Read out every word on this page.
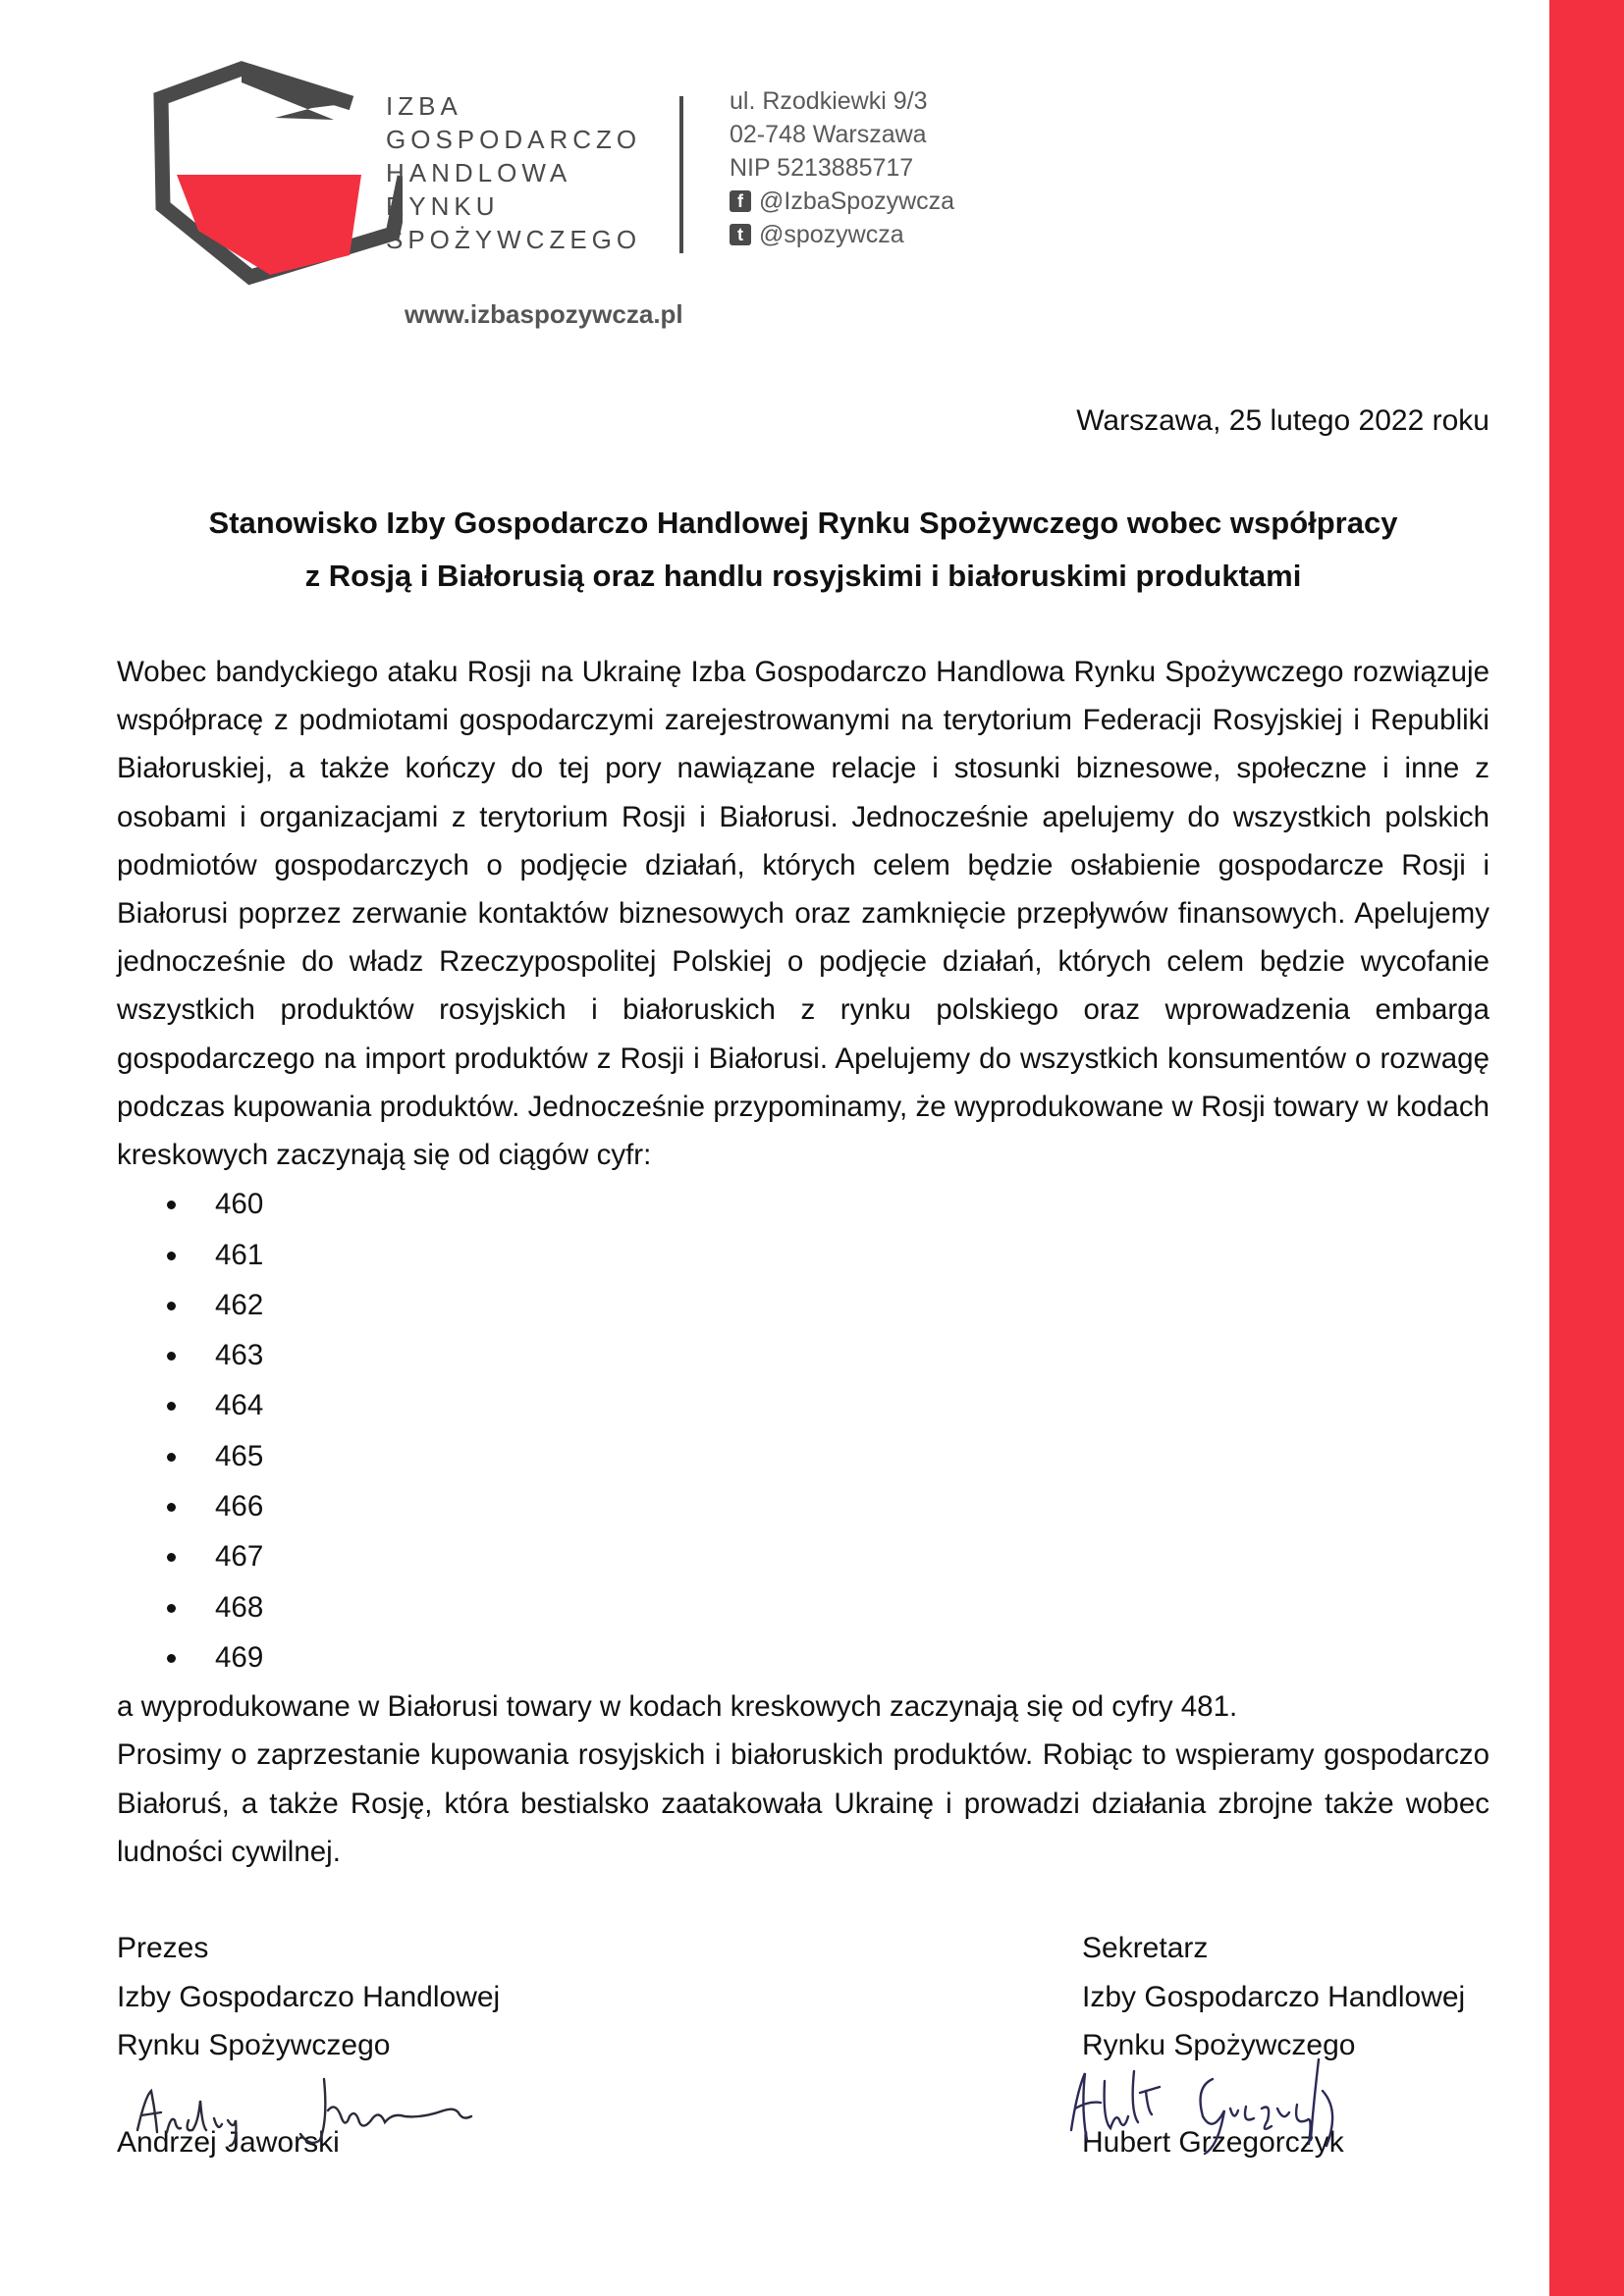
IZBA
GOSPODARCZO
HANDLOWA
RYNKU
SPOŻYWCZEGO
ul. Rzodkiewki 9/3
02-748 Warszawa
NIP 5213885717
f @IzbaSpozywcza
t @spozywcza
www.izbaspozywcza.pl
Warszawa, 25 lutego 2022 roku
Stanowisko Izby Gospodarczo Handlowej Rynku Spożywczego wobec współpracy
z Rosją i Białorusią oraz handlu rosyjskimi i białoruskimi produktami

Wobec bandyckiego ataku Rosji na Ukrainę Izba Gospodarczo Handlowa Rynku Spożywczego rozwiązuje współpracę z podmiotami gospodarczymi zarejestrowanymi na terytorium Federacji Rosyjskiej i Republiki Białoruskiej, a także kończy do tej pory nawiązane relacje i stosunki biznesowe, społeczne i inne z osobami i organizacjami z terytorium Rosji i Białorusi. Jednocześnie apelujemy do wszystkich polskich podmiotów gospodarczych o podjęcie działań, których celem będzie osłabienie gospodarcze Rosji i Białorusi poprzez zerwanie kontaktów biznesowych oraz zamknięcie przepływów finansowych. Apelujemy jednocześnie do władz Rzeczypospolitej Polskiej o podjęcie działań, których celem będzie wycofanie wszystkich produktów rosyjskich i białoruskich z rynku polskiego oraz wprowadzenia embarga gospodarczego na import produktów z Rosji i Białorusi. Apelujemy do wszystkich konsumentów o rozwagę podczas kupowania produktów. Jednocześnie przypominamy, że wyprodukowane w Rosji towary w kodach kreskowych zaczynają się od ciągów cyfr:

460
461
462
463
464
465
466
467
468
469

a wyprodukowane w Białorusi towary w kodach kreskowych zaczynają się od cyfry 481.

Prosimy o zaprzestanie kupowania rosyjskich i białoruskich produktów. Robiąc to wspieramy gospodarczo Białoruś, a także Rosję, która bestialsko zaatakowała Ukrainę i prowadzi działania zbrojne także wobec ludności cywilnej.

Prezes
Izby Gospodarczo Handlowej
Rynku Spożywczego
Andrzej Jaworski
Sekretarz
Izby Gospodarczo Handlowej
Rynku Spożywczego
Hubert Grzegorczyk
